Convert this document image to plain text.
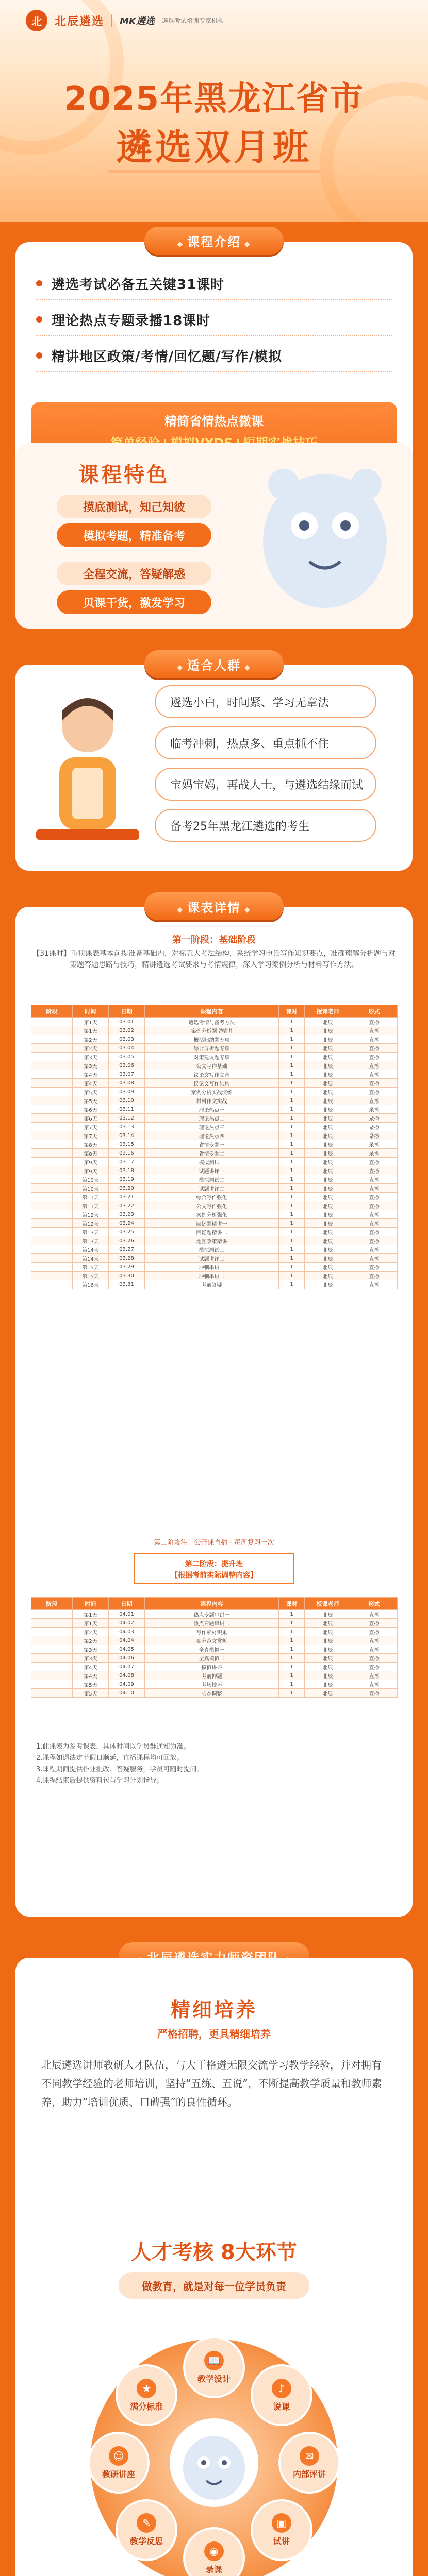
北	北辰遴选 MK遴选 遴选考试培训专家机构
2025年黑龙江省市
遴选双月班
◆ 课程介绍 ◆
遴选考试必备五关键31课时
理论热点专题录播18课时
精讲地区政策/考情/回忆题/写作/模拟
精简省情热点微课
课程特色
摸底测试，知己知彼
模拟考题，精准备考
全程交流，答疑解惑
贝课干货，激发学习
◆ 适合人群 ◆
遴选小白，时间紧、学习无章法
临考冲刺，热点多、重点抓不住
宝妈宝妈，再战人士，与遴选结缘而试
备考25年黑龙江遴选的考生
◆ 课表详情 ◆
第一阶段：基础阶段
【31课时】重视课表基本前提准备基础内，对标五大考法结构，系统学习申论写作知识要点，准确理解分析题与对策题答题思路与技巧，精讲遴选考试要求与考情规律，深入学习案例分析与材料写作方法。
阶段	时间	日期	课程内容	课时	授课老师	形式
	第1天	03.01	遴选考情与备考方法	1	北辰	直播
	第1天	03.02	案例分析题型精讲	1	北辰	直播
	第2天	03.03	概括归纳题专项	1	北辰	直播
	第2天	03.04	综合分析题专项	1	北辰	直播
	第3天	03.05	对策建议题专项	1	北辰	直播
	第3天	03.06	公文写作基础	1	北辰	直播
	第4天	03.07	议论文写作立意	1	北辰	直播
	第4天	03.08	议论文写作结构	1	北辰	直播
	第5天	03.09	案例分析实战演练	1	北辰	直播
	第5天	03.10	材料作文实战	1	北辰	直播
	第6天	03.11	理论热点一	1	北辰	录播
	第6天	03.12	理论热点二	1	北辰	录播
	第7天	03.13	理论热点三	1	北辰	录播
	第7天	03.14	理论热点四	1	北辰	录播
	第8天	03.15	省情专题一	1	北辰	录播
	第8天	03.16	省情专题二	1	北辰	录播
	第9天	03.17	模拟测试一	1	北辰	直播
	第9天	03.18	试题讲评一	1	北辰	直播
	第10天	03.19	模拟测试二	1	北辰	直播
	第10天	03.20	试题讲评二	1	北辰	直播
	第11天	03.21	综合写作强化	1	北辰	直播
	第11天	03.22	公文写作强化	1	北辰	直播
	第12天	03.23	案例分析强化	1	北辰	直播
	第12天	03.24	回忆题精讲一	1	北辰	直播
	第13天	03.25	回忆题精讲二	1	北辰	直播
	第13天	03.26	地区政策精讲	1	北辰	直播
	第14天	03.27	模拟测试三	1	北辰	直播
	第14天	03.28	试题讲评三	1	北辰	直播
	第15天	03.29	冲刺串讲一	1	北辰	直播
	第15天	03.30	冲刺串讲二	1	北辰	直播
	第16天	03.31	考前答疑	1	北辰	直播
第二阶段注：公开课直播 · 每周复习一次
第二阶段：提升班
【根据考前实际调整内容】
阶段	时间	日期	课程内容	课时	授课老师	形式
	第1天	04.01	热点专题串讲一	1	北辰	直播
	第1天	04.02	热点专题串讲二	1	北辰	直播
	第2天	04.03	写作素材积累	1	北辰	直播
	第2天	04.04	高分范文赏析	1	北辰	直播
	第3天	04.05	全真模拟一	1	北辰	直播
	第3天	04.06	全真模拟二	1	北辰	直播
	第4天	04.07	模拟讲评	1	北辰	直播
	第4天	04.08	考前押题	1	北辰	直播
	第5天	04.09	考场技巧	1	北辰	直播
	第5天	04.10	心态调整	1	北辰	直播
1.此课表为参考课表，具体时间以学员群通知为准。
2.课程如遇法定节假日顺延，直播课程均可回放。
3.课程期间提供作业批改、答疑服务，学员可随时提问。
4.课程结束后提供资料包与学习计划指导。
◆ ◆
精细培养
严格招聘，更具精细培养
北辰遴选讲师教研人才队伍，与大干格遴无限交流学习教学经验，并对拥有不同教学经验的老师培训，坚持“五练、五说”，不断提高教学质量和教师素养，助力“培训优质、口碑强”的良性循环。
人才考核 8大环节
做教育，就是对每一位学员负责
📖
教学设计
♪
说课
✉
内部评讲
▣
试讲
◉
录课
✎
教学反思
☺
教研讲座
★
满分标准
